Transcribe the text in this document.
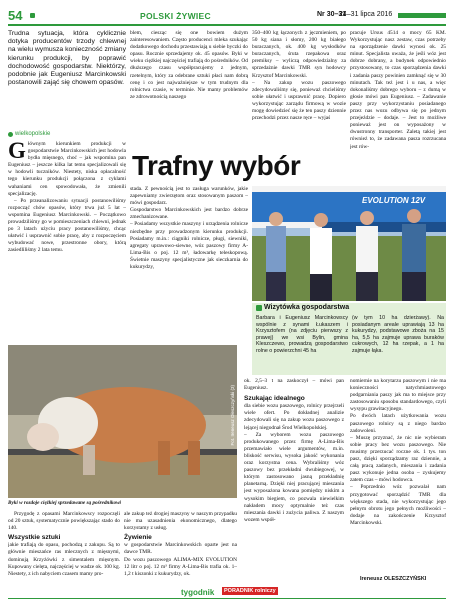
54	POLSKI ŻYWIEC	Nr 30–31
24–31 lipca 2016
Trudna sytuacja, która cyklicznie dotyka producentów trzody chlewnej na wielu wymusza konieczność zmiany kierunku produkcji, by poprawić dochodowość gospodarstw. Niektórzy, podobnie jak Eugeniusz Marcinkowski postanowili zająć się chowem opasów.
wielkopolskie
G łównym kierunkiem produkcji w gospodarstwie Marcinkowskich jest hodowla bydła mięsnego, choć – jak wspomina pan Eugeniusz – jeszcze kilka lat temu specjalizowali się w hodowli tuczników. Niestety, niska opłacalność tego kierunku produkcji połączona z cyklami wahaniami cen spowodowała, że zmienili specjalizację.
– Po przeanalizowaniu sytuacji postanowiliśmy rozpocząć chów opasów, który trwa już 5 lat – wspomina Eugeniusz Marcinkowski. – Początkowo prowadziliśmy go w pomieszczeniach chlewni, jednak po 3 latach użyciu pracy postanowiliśmy, chcąc ułatwić i usprawnić sobie pracę, aby z rozpoczęciem wybudować nowe, przestronne obory, którą zasiedliliśmy 2 lata temu.
blem, ciesząc się one bowiem dużym zainteresowaniem. Często producenci mleka szukając dodatkowego dochodu przestawiają u siebie byczki do opasu. Rocznie sprzedajemy ok. 45 opasów. Byki w wieku ciężkiej najczęściej trafiają do pośredników. Od dłuższego czasu współpracujemy z jednym, rzetelnym, który za odebrane sztuki płaci nam dobrą cenę i co jest najważniejsze w tym trudnym dla rolnictwa czasie, w terminie. Nie mamy problemów ze zdrowotnością naszego
350–400 kg łączonych z jęczmieniem, po 50 kg siana i słomy, 200 kg białego buraczanych, ok. 400 kg wysłodków buraczanych, śruta rzepakowa oraz premiksy – wyliczą odpowiedzialny za sprzedażnie dawki TMR syn hodowcy Krzysztof Marcinkowski.
– Na zakup wozu paszowego zdecydowaliśmy się, ponieważ chcieliśmy sobie ułatwić i usprawnić pracę. Dopiero wykorzystując zarządu firmową w wozie mogę dowiedzieć się że ten paszy dziennie przechodzi przez nasze ręce – wyjaś
pracuje Ursus 4514 o mocy 65 KM. Wykorzystując nasz zestaw, czas potrzeby na sporządzenie dawki wynosi ok. 25 minut. Specjalista uważa, że jeśli wóz jest dobrze dobrany, a budynek odpowiednio przystosowany, to czas sporządzenia dawki i zadania paszy powinien zamknąć się w 30 minutach. Tak też jest i u nas, a więc dokonaliśmy dobrego wyboru – z dumą w głosie mówi pan Eugeniusz. – Zadawanie paszy przy wykorzystaniu posiadanego przez nas wozu odbywa się po jednym przejeździe – dodaje. – Jest to możliwe ponieważ jest on wyposażony w dwustronny transporter. Zaletą takiej jest również to, że zadawana pasza rozrzucana jest rów-
Trafny wybór
stada. Z pewnością jest to zasługa warunków, jakie zapewniamy zwierzętom oraz stosowanym paszom – mówi gospodarz.
Gospodarstwo Marcinkowskich jest bardzo dobrze zmechanizowane.
– Posiadamy wszystkie maszyny i urządzenia rolnicze niezbędne przy prowadzonym kierunku produkcji. Posiadamy m.in.: ciągniki rolnicze, pługi, siewniki, agregaty uprawowo-siewne, wóz paszowy firmy A-Lima-Bis o poj. 12 m³, ładowarkę teleskopową. Świetnie maszyny specjalistyczne jak sieczkarnia do kukurydzy,
EVOLUTION 12V
Wizytówka gospodarstwa
Barbara i Eugeniusz Marcinkowscy wspólnie z synami Łukaszem i Krzysztofem (na zdjęciu pierwszy z prawej) we wsi Bylin, gmina Kleszczewo, prowadzą gospodarstwo rolne o powierzchni 45 ha
(w tym 10 ha dzierżawy). Na posiadanym areale uprawiają 13 ha kukurydzy, podstawowe zboża na 15 ha, 5,5 ha zajmuje uprawa buraków cukrowych, 12 ha rzepak, a 1 ha zajmuje łąka.
Fot. Ireneusz Oleszczyński (3)
Byki w rozdoje ciężkiej sprzedawane są pośrednikowi
Przygodę z opasami Marcinkowscy rozpoczęli od 20 sztuk, systematycznie powiększając stado do 140.
Wszystkie sztuki
jakie trafiają do opasu, pochodzą z zakupu. Są to głównie mieszańce ras mlecznych z mięsnymi, dominują Krzyżówki z simentalem mięsnym. Kupowany cielęta, najczęściej w wadze ok. 100 kg. Niestety, z ich nabyciem czasem mamy pro-
ale zakup też drogiej maszyny w naszym przypadku nie ma uzasadnienia ekonomicznego, dlatego korzystamy z usług.
Żywienie
w gospodarstwie Marcinkowskich oparte jest na dawce TMR.
Do wozu paszowego ALIMA-MIX EVOLUTION 12 litr o poj. 12 m³ firmy A-Lima-Bis trafia ok. 1–1,2 t kiszonki z kukurydzy, ok.
ok. 2,5–3 t na zaskoczył – mówi pan Eugeniusz.
Szukając idealnego
dla siebie wozu paszowego, rolnicy przejrzeli wiele ofert. Po dokładnej analizie zdecydowali się na zakup wozu paszowego z lejącej niegodnał Środ Wielkopolskiej.
– Za wyborem wozu paszowego produkowanego przez firmę A-Lima-Bis przemawiało wiele argumentów, m.in. bliskość serwisu, wysoka jakość wykonania oraz korzystna cena. Wybraliśmy wóz paszowy bez przekładni dwubiegowej, w którym zastosowano jasną przekładnię planetarną. Dzięki niej pracującej mieszania jest wyposażona kowana pomiędzy niskim a wysokim biegiem, co pozwala niewielkim nakładem mocy optymalnie też czas mieszania dawki i zużycia paliwa. Z naszym wozem współ-
nomiernie na korytarzu paszowym i nie ma konieczności natychmiastowego podgarniania paszy jak ma to miejsce przy zastosowaniu sposobu standardowego, czyli wysypu grawitacyjnego.
Po dwóch latach użytkowania wozu paszowego rolnicy są z niego bardzo zadowoleni.
– Muszę przyznać, że nic nie wybieram sobie pracy bez wozu paszowego. Nie musimy przerzucać roczne ok. 1 tys. ton pasz, dzięki sporządzamy raz dziennie, a całą pracą zadanych, mieszania i zadania pasz wykonuje jedna osoba – zyskujemy zatem czas – mówi hodowca.
– Poprzednio wóz pozwalał nam przygotować sporządzić TMR dla większego stada, nie wykorzystując jego pełnym obrotu jego pełnych możliwości – dodaje na zakończenie Krzysztof Marcinkowski.
Ireneusz OLESZCZYŃSKI
tygodnik	PORADNIK rolniczy
